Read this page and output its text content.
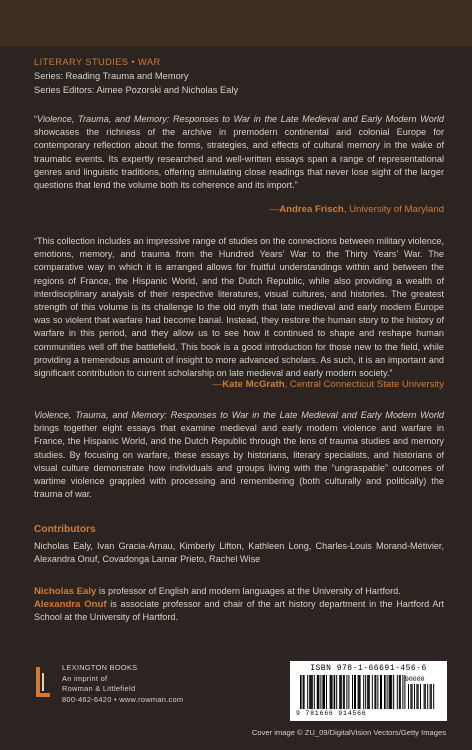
LITERARY STUDIES • WAR
Series: Reading Trauma and Memory
Series Editors: Aimee Pozorski and Nicholas Ealy
“Violence, Trauma, and Memory: Responses to War in the Late Medieval and Early Modern World showcases the richness of the archive in premodern continental and colonial Europe for contemporary reflection about the forms, strategies, and effects of cultural memory in the wake of traumatic events. Its expertly researched and well-written essays span a range of representational genres and linguistic traditions, offering stimulating close readings that never lose sight of the larger questions that lend the volume both its coherence and its import.”
—Andrea Frisch, University of Maryland
“This collection includes an impressive range of studies on the connections between military violence, emotions, memory, and trauma from the Hundred Years’ War to the Thirty Years’ War. The comparative way in which it is arranged allows for fruitful understandings within and between the regions of France, the Hispanic World, and the Dutch Republic, while also providing a wealth of interdisciplinary analysis of their respective literatures, visual cultures, and histories. The greatest strength of this volume is its challenge to the old myth that late medieval and early modern Europe was so violent that warfare had become banal. Instead, they restore the human story to the history of warfare in this period, and they allow us to see how it continued to shape and reshape human communities well off the battlefield. This book is a good introduction for those new to the field, while providing a tremendous amount of insight to more advanced scholars. As such, it is an important and significant contribution to current scholarship on late medieval and early modern society.”
—Kate McGrath, Central Connecticut State University
Violence, Trauma, and Memory: Responses to War in the Late Medieval and Early Modern World brings together eight essays that examine medieval and early modern violence and warfare in France, the Hispanic World, and the Dutch Republic through the lens of trauma studies and memory studies. By focusing on warfare, these essays by historians, literary specialists, and historians of visual culture demonstrate how individuals and groups living with the “ungraspable” outcomes of wartime violence grappled with processing and remembering (both culturally and politically) the trauma of war.
Contributors
Nicholas Ealy, Ivan Gracia-Arnau, Kimberly Lifton, Kathleen Long, Charles-Louis Morand-Métivier, Alexandra Onuf, Covadonga Lamar Prieto, Rachel Wise
Nicholas Ealy is professor of English and modern languages at the University of Hartford.
Alexandra Onuf is associate professor and chair of the art history department in the Hartford Art School at the University of Hartford.
LEXINGTON BOOKS
An imprint of
Rowman & Littlefield
800-462-6420 • www.rowman.com
ISBN 978-1-66691-456-6
90000
9 781666 914566
Cover image © ZU_09/DigitalVision Vectors/Getty Images
